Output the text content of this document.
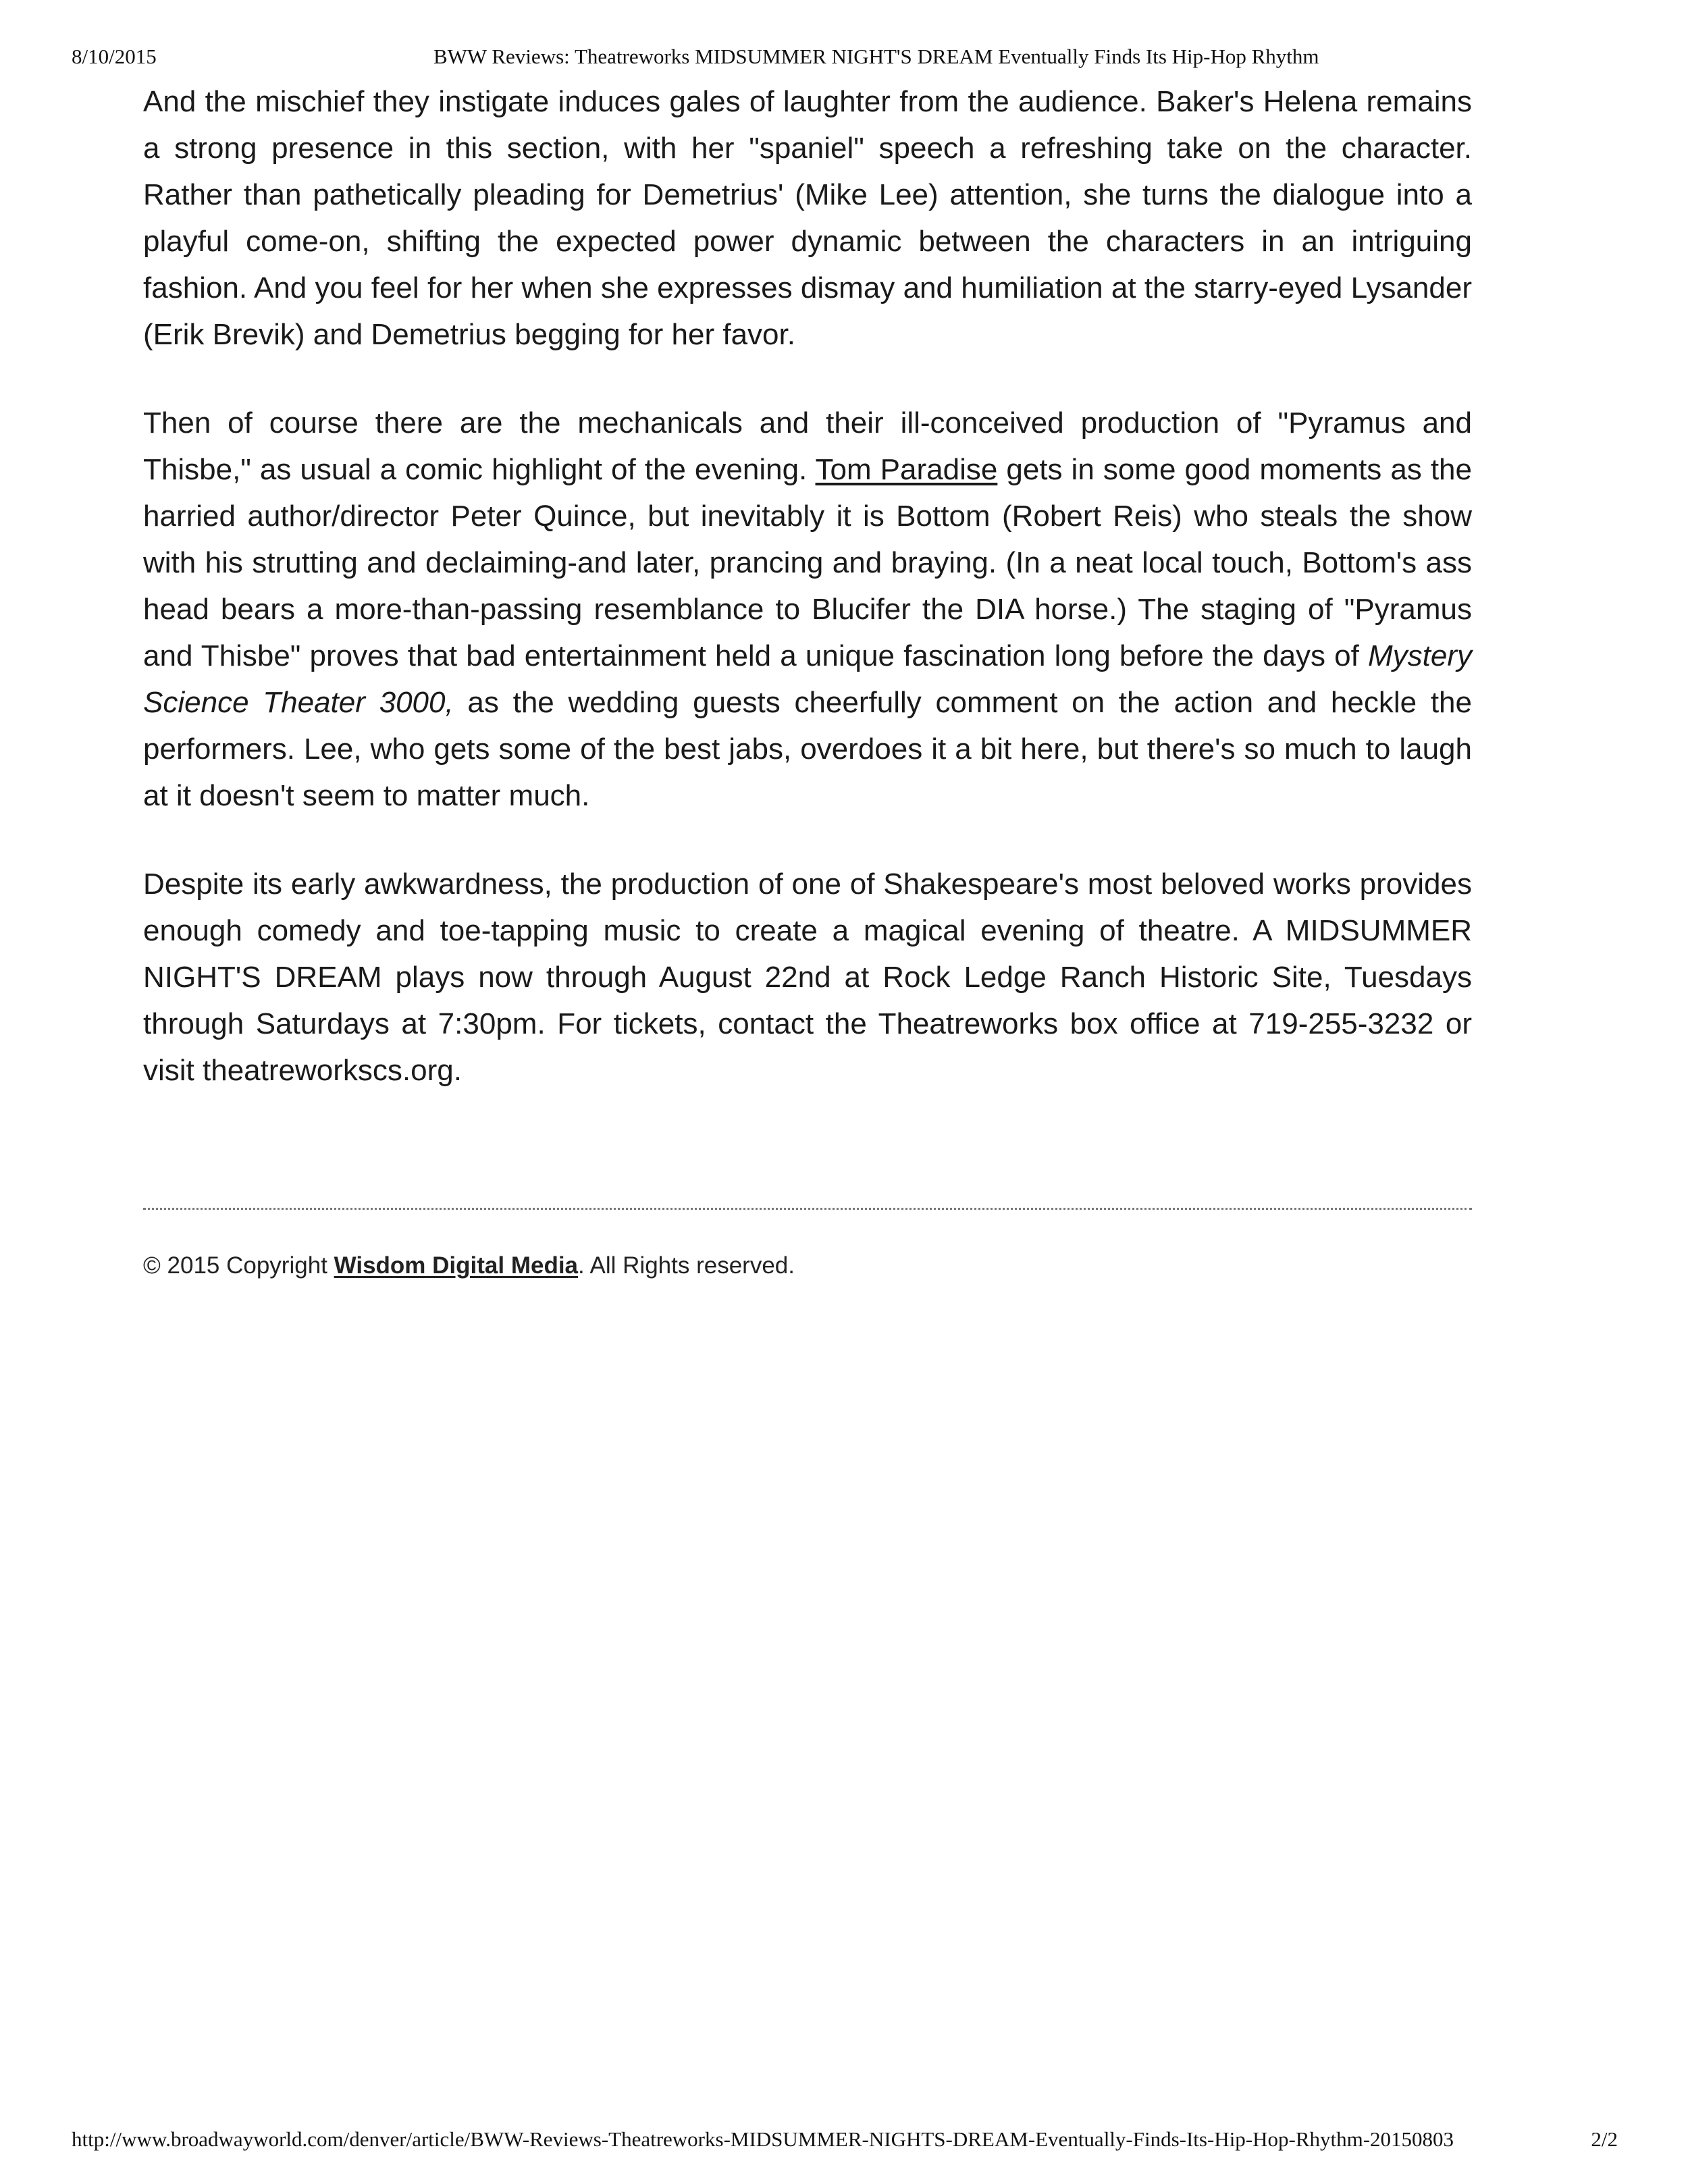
8/10/2015	BWW Reviews: Theatreworks MIDSUMMER NIGHT'S DREAM Eventually Finds Its Hip-Hop Rhythm

And the mischief they instigate induces gales of laughter from the audience. Baker's Helena remains a strong presence in this section, with her "spaniel" speech a refreshing take on the character. Rather than pathetically pleading for Demetrius' (Mike Lee) attention, she turns the dialogue into a playful come-on, shifting the expected power dynamic between the characters in an intriguing fashion. And you feel for her when she expresses dismay and humiliation at the starry-eyed Lysander (Erik Brevik) and Demetrius begging for her favor.

Then of course there are the mechanicals and their ill-conceived production of "Pyramus and Thisbe," as usual a comic highlight of the evening. Tom Paradise gets in some good moments as the harried author/director Peter Quince, but inevitably it is Bottom (Robert Reis) who steals the show with his strutting and declaiming-and later, prancing and braying. (In a neat local touch, Bottom's ass head bears a more-than-passing resemblance to Blucifer the DIA horse.) The staging of "Pyramus and Thisbe" proves that bad entertainment held a unique fascination long before the days of Mystery Science Theater 3000, as the wedding guests cheerfully comment on the action and heckle the performers. Lee, who gets some of the best jabs, overdoes it a bit here, but there's so much to laugh at it doesn't seem to matter much.

Despite its early awkwardness, the production of one of Shakespeare's most beloved works provides enough comedy and toe-tapping music to create a magical evening of theatre. A MIDSUMMER NIGHT'S DREAM plays now through August 22nd at Rock Ledge Ranch Historic Site, Tuesdays through Saturdays at 7:30pm. For tickets, contact the Theatreworks box office at 719-255-3232 or visit theatreworkscs.org.

© 2015 Copyright Wisdom Digital Media. All Rights reserved.
http://www.broadwayworld.com/denver/article/BWW-Reviews-Theatreworks-MIDSUMMER-NIGHTS-DREAM-Eventually-Finds-Its-Hip-Hop-Rhythm-20150803	2/2
